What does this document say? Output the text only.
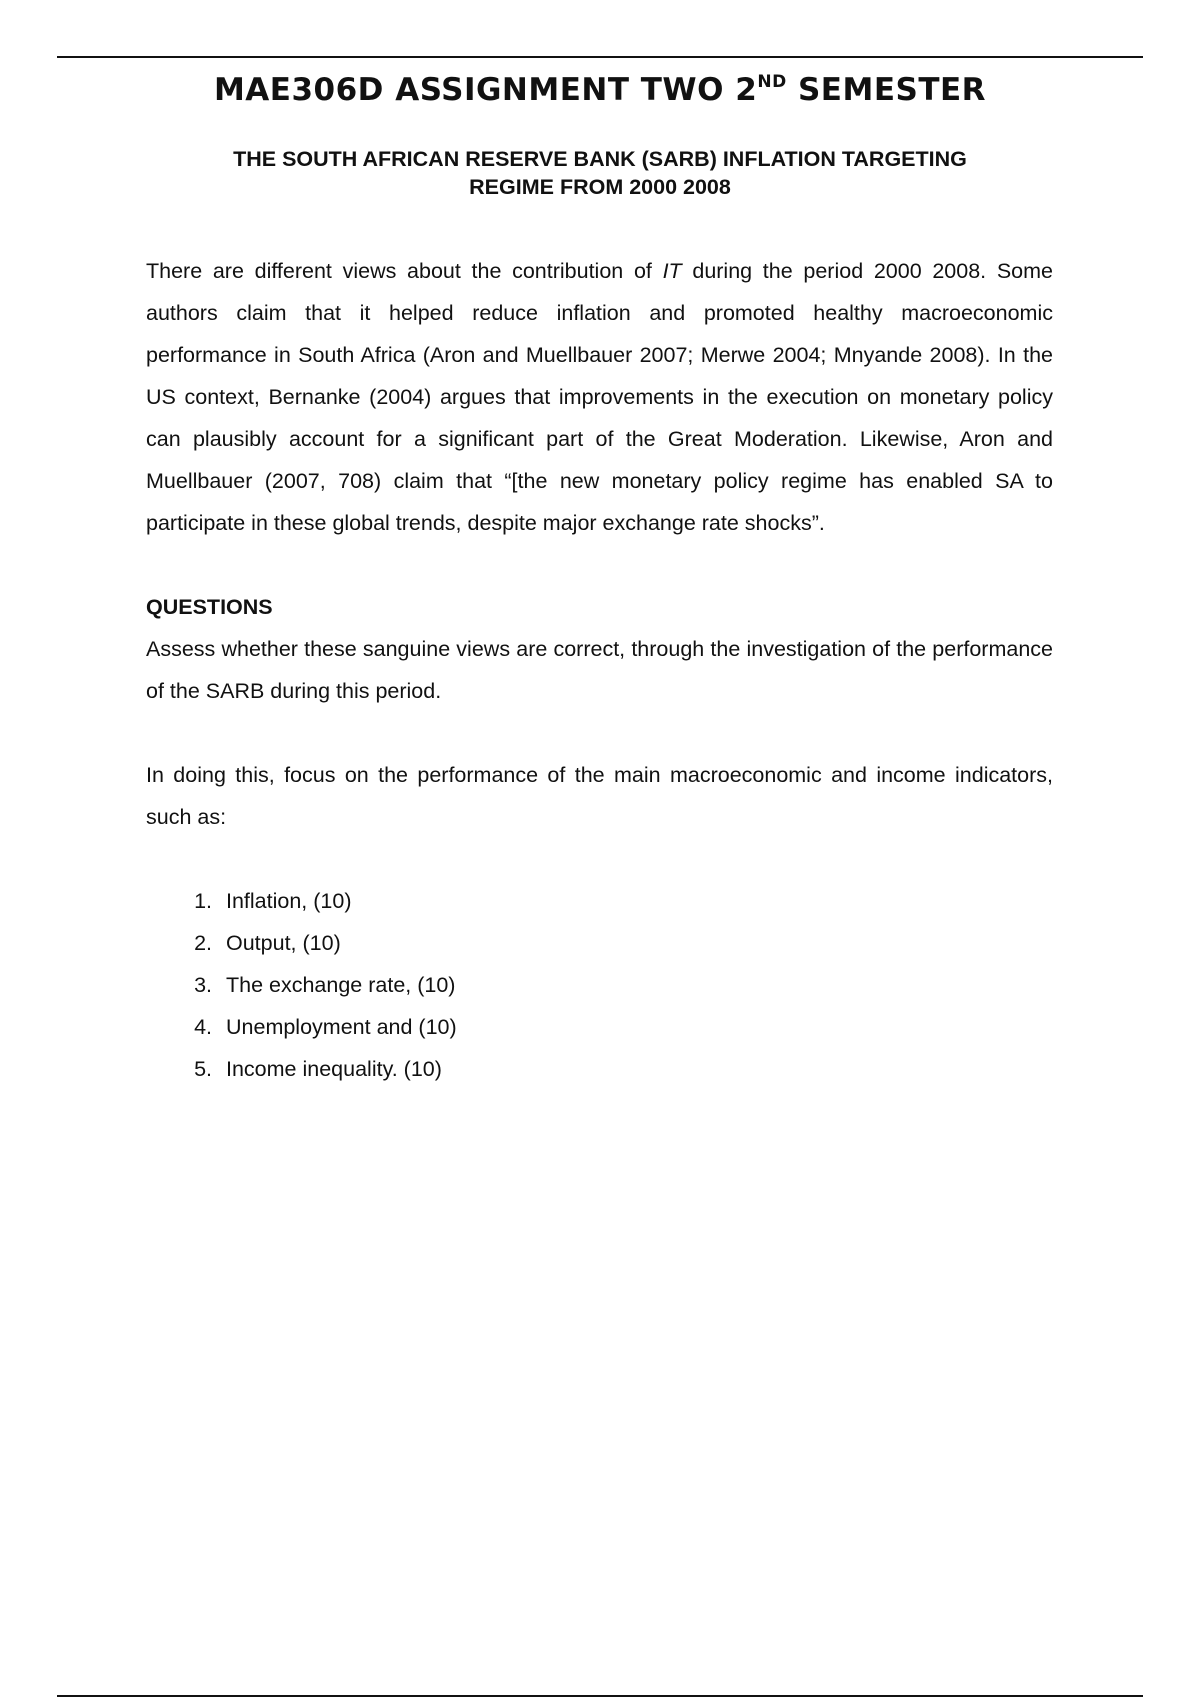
MAE306D ASSIGNMENT TWO 2ND SEMESTER
THE SOUTH AFRICAN RESERVE BANK (SARB) INFLATION TARGETING
REGIME FROM 2000 2008

There are different views about the contribution of IT during the period 2000 2008. Some authors claim that it helped reduce inflation and promoted healthy macroeconomic performance in South Africa (Aron and Muellbauer 2007; Merwe 2004; Mnyande 2008). In the US context, Bernanke (2004) argues that improvements in the execution on monetary policy can plausibly account for a significant part of the Great Moderation. Likewise, Aron and Muellbauer (2007, 708) claim that “[the new monetary policy regime has enabled SA to participate in these global trends, despite major exchange rate shocks”.

QUESTIONS

Assess whether these sanguine views are correct, through the investigation of the performance of the SARB during this period.

In doing this, focus on the performance of the main macroeconomic and income indicators, such as:

1. Inflation, (10)
2. Output, (10)
3. The exchange rate, (10)
4. Unemployment and (10)
5. Income inequality. (10)
